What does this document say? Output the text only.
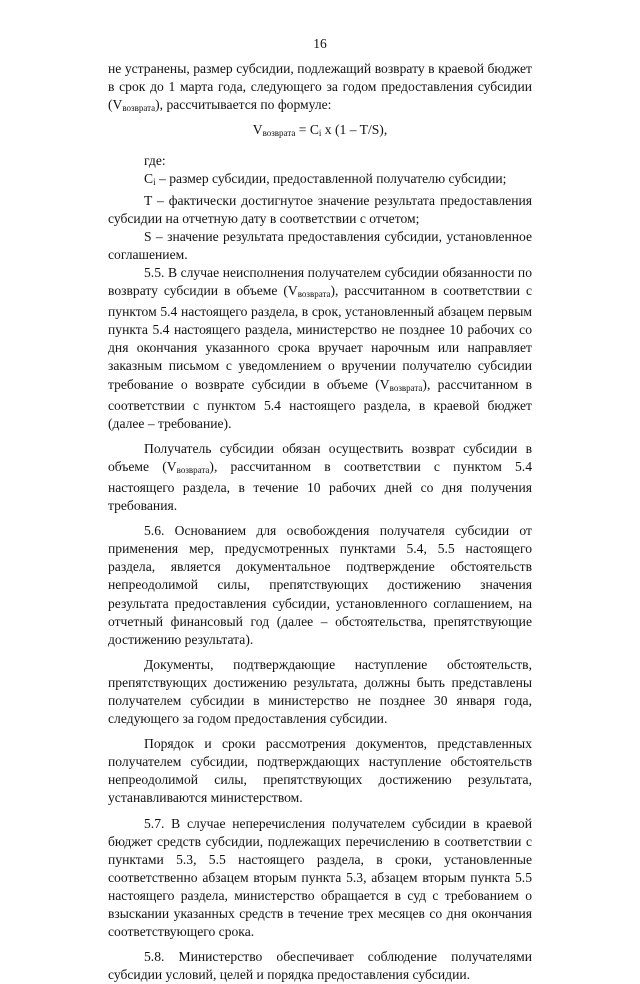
16

не устранены, размер субсидии, подлежащий возврату в краевой бюджет в срок до 1 марта года, следующего за годом предоставления субсидии $(V_{возврата})$, рассчитывается по формуле:

$V_{возврата} = C_i$ x (1 – T/S),

где:

$C_i$ – размер субсидии, предоставленной получателю субсидии;

T – фактически достигнутое значение результата предоставления субсидии на отчетную дату в соответствии с отчетом;

S – значение результата предоставления субсидии, установленное соглашением.

5.5. В случае неисполнения получателем субсидии обязанности по возврату субсидии в объеме $(V_{возврата})$, рассчитанном в соответствии с пунктом 5.4 настоящего раздела, в срок, установленный абзацем первым пункта 5.4 настоящего раздела, министерство не позднее 10 рабочих со дня окончания указанного срока вручает нарочным или направляет заказным письмом с уведомлением о вручении получателю субсидии требование о возврате субсидии в объеме $(V_{возврата})$, рассчитанном в соответствии с пунктом 5.4 настоящего раздела, в краевой бюджет (далее – требование).

Получатель субсидии обязан осуществить возврат субсидии в объеме $(V_{возврата})$, рассчитанном в соответствии с пунктом 5.4 настоящего раздела, в течение 10 рабочих дней со дня получения требования.

5.6. Основанием для освобождения получателя субсидии от применения мер, предусмотренных пунктами 5.4, 5.5 настоящего раздела, является документальное подтверждение обстоятельств непреодолимой силы, препятствующих достижению значения результата предоставления субсидии, установленного соглашением, на отчетный финансовый год (далее – обстоятельства, препятствующие достижению результата).

Документы, подтверждающие наступление обстоятельств, препятствующих достижению результата, должны быть представлены получателем субсидии в министерство не позднее 30 января года, следующего за годом предоставления субсидии.

Порядок и сроки рассмотрения документов, представленных получателем субсидии, подтверждающих наступление обстоятельств непреодолимой силы, препятствующих достижению результата, устанавливаются министерством.

5.7. В случае неперечисления получателем субсидии в краевой бюджет средств субсидии, подлежащих перечислению в соответствии с пунктами 5.3, 5.5 настоящего раздела, в сроки, установленные соответственно абзацем вторым пункта 5.3, абзацем вторым пункта 5.5 настоящего раздела, министерство обращается в суд с требованием о взыскании указанных средств в течение трех месяцев со дня окончания соответствующего срока.

5.8. Министерство обеспечивает соблюдение получателями субсидии условий, целей и порядка предоставления субсидии.
